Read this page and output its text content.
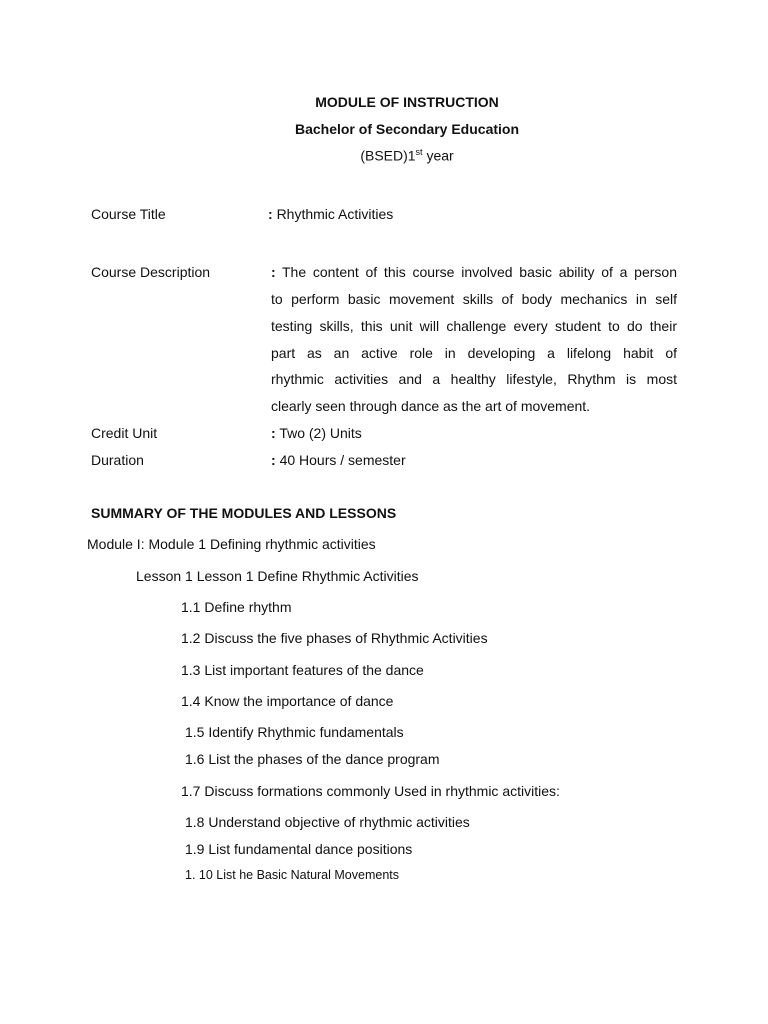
MODULE OF INSTRUCTION
Bachelor of Secondary Education
(BSED)1st year
Course Title	: Rhythmic Activities
Course Description	: The content of this course involved basic ability of a person
to perform basic movement skills of body mechanics in self
testing skills, this unit will challenge every student to do their
part as an active role in developing a lifelong habit of
rhythmic activities and a healthy lifestyle, Rhythm is most
clearly seen through dance as the art of movement.
Credit Unit	: Two (2) Units
Duration	: 40 Hours / semester
SUMMARY OF THE MODULES AND LESSONS
Module I: Module 1 Defining rhythmic activities
Lesson 1 Lesson 1 Define Rhythmic Activities
1.1 Define rhythm
1.2 Discuss the five phases of Rhythmic Activities
1.3 List important features of the dance
1.4 Know the importance of dance
1.5 Identify Rhythmic fundamentals
1.6 List the phases of the dance program
1.7 Discuss formations commonly Used in rhythmic activities:
1.8 Understand objective of rhythmic activities
1.9 List fundamental dance positions
1. 10 List he Basic Natural Movements
